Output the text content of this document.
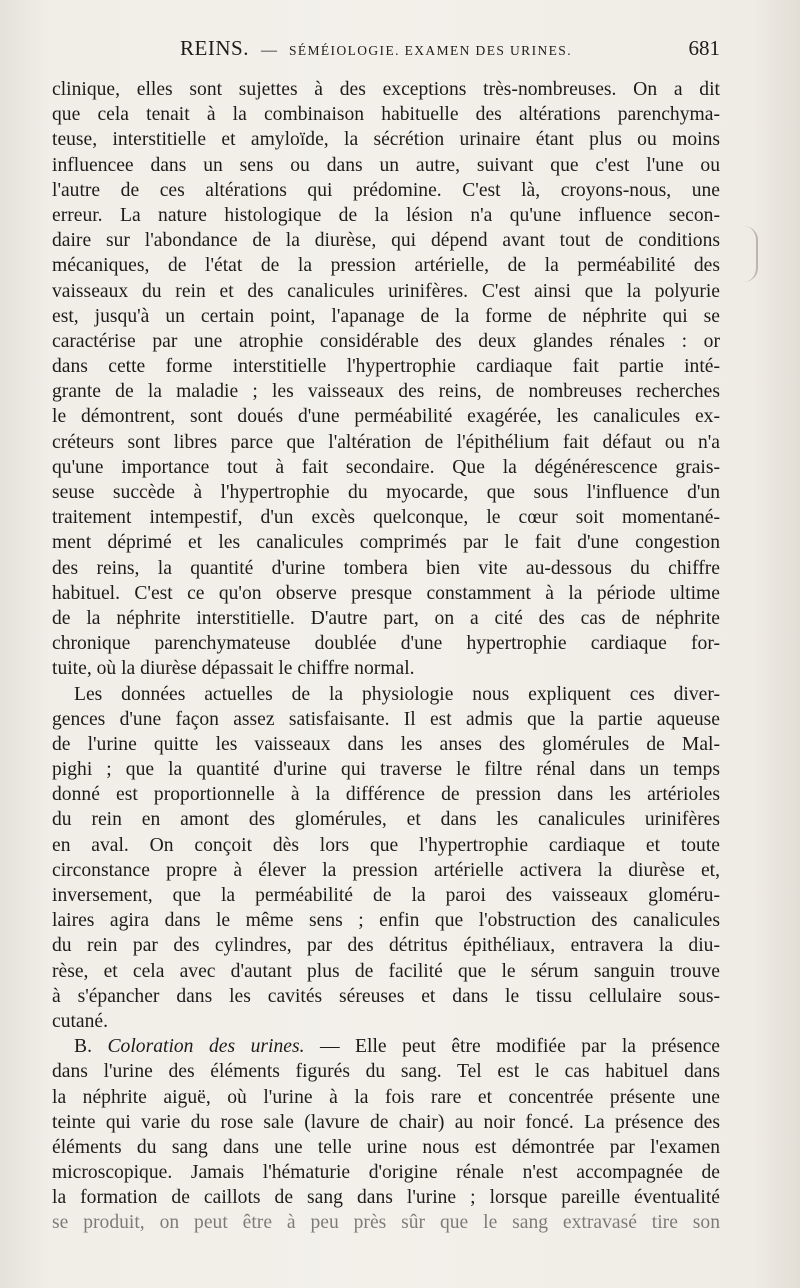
REINS. — SÉMÉIOLOGIE. EXAMEN DES URINES.	681
clinique, elles sont sujettes à des exceptions très-nombreuses. On a dit
que cela tenait à la combinaison habituelle des altérations parenchyma-
teuse, interstitielle et amyloïde, la sécrétion urinaire étant plus ou moins
influencee dans un sens ou dans un autre, suivant que c'est l'une ou
l'autre de ces altérations qui prédomine. C'est là, croyons-nous, une
erreur. La nature histologique de la lésion n'a qu'une influence secon-
daire sur l'abondance de la diurèse, qui dépend avant tout de conditions
mécaniques, de l'état de la pression artérielle, de la perméabilité des
vaisseaux du rein et des canalicules urinifères. C'est ainsi que la polyurie
est, jusqu'à un certain point, l'apanage de la forme de néphrite qui se
caractérise par une atrophie considérable des deux glandes rénales : or
dans cette forme interstitielle l'hypertrophie cardiaque fait partie inté-
grante de la maladie ; les vaisseaux des reins, de nombreuses recherches
le démontrent, sont doués d'une perméabilité exagérée, les canalicules ex-
créteurs sont libres parce que l'altération de l'épithélium fait défaut ou n'a
qu'une importance tout à fait secondaire. Que la dégénérescence grais-
seuse succède à l'hypertrophie du myocarde, que sous l'influence d'un
traitement intempestif, d'un excès quelconque, le cœur soit momentané-
ment déprimé et les canalicules comprimés par le fait d'une congestion
des reins, la quantité d'urine tombera bien vite au-dessous du chiffre
habituel. C'est ce qu'on observe presque constamment à la période ultime
de la néphrite interstitielle. D'autre part, on a cité des cas de néphrite
chronique parenchymateuse doublée d'une hypertrophie cardiaque for-
tuite, où la diurèse dépassait le chiffre normal.
Les données actuelles de la physiologie nous expliquent ces diver-
gences d'une façon assez satisfaisante. Il est admis que la partie aqueuse
de l'urine quitte les vaisseaux dans les anses des glomérules de Mal-
pighi ; que la quantité d'urine qui traverse le filtre rénal dans un temps
donné est proportionnelle à la différence de pression dans les artérioles
du rein en amont des glomérules, et dans les canalicules urinifères
en aval. On conçoit dès lors que l'hypertrophie cardiaque et toute
circonstance propre à élever la pression artérielle activera la diurèse et,
inversement, que la perméabilité de la paroi des vaisseaux gloméru-
laires agira dans le même sens ; enfin que l'obstruction des canalicules
du rein par des cylindres, par des détritus épithéliaux, entravera la diu-
rèse, et cela avec d'autant plus de facilité que le sérum sanguin trouve
à s'épancher dans les cavités séreuses et dans le tissu cellulaire sous-
cutané.
B. Coloration des urines. — Elle peut être modifiée par la présence
dans l'urine des éléments figurés du sang. Tel est le cas habituel dans
la néphrite aiguë, où l'urine à la fois rare et concentrée présente une
teinte qui varie du rose sale (lavure de chair) au noir foncé. La présence des
éléments du sang dans une telle urine nous est démontrée par l'examen
microscopique. Jamais l'hématurie d'origine rénale n'est accompagnée de
la formation de caillots de sang dans l'urine ; lorsque pareille éventualité
se produit, on peut être à peu près sûr que le sang extravasé tire son
